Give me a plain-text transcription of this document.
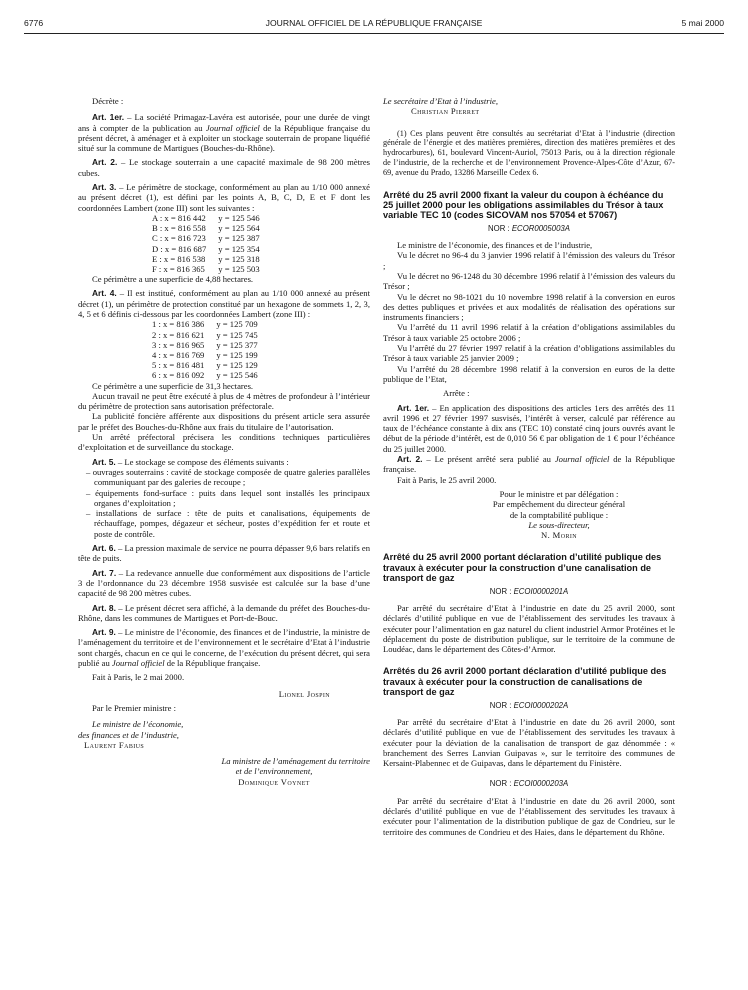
6776	JOURNAL OFFICIEL DE LA RÉPUBLIQUE FRANÇAISE	5 mai 2000

Décrète :

Art. 1er. – La société Primagaz-Lavéra est autorisée, pour une durée de vingt ans à compter de la publication au Journal officiel de la République française du présent décret, à aménager et à exploiter un stockage souterrain de propane liquéfié situé sur la commune de Martigues (Bouches-du-Rhône).

Art. 2. – Le stockage souterrain a une capacité maximale de 98 200 mètres cubes.

Art. 3. – Le périmètre de stockage, conformément au plan au 1/10 000 annexé au présent décret (1), est défini par les points A, B, C, D, E et F dont les coordonnées Lambert (zone III) sont les suivantes :

A : x = 816 442	y = 125 546
B : x = 816 558	y = 125 564
C : x = 816 723	y = 125 387
D : x = 816 687	y = 125 354
E : x = 816 538	y = 125 318
F : x = 816 365	y = 125 503

Ce périmètre a une superficie de 4,88 hectares.

Art. 4. – Il est institué, conformément au plan au 1/10 000 annexé au présent décret (1), un périmètre de protection constitué par un hexagone de sommets 1, 2, 3, 4, 5 et 6 définis ci-dessous par les coordonnées Lambert (zone III) :

1 : x = 816 386	y = 125 709
2 : x = 816 621	y = 125 745
3 : x = 816 965	y = 125 377
4 : x = 816 769	y = 125 199
5 : x = 816 481	y = 125 129
6 : x = 816 092	y = 125 546

Ce périmètre a une superficie de 31,3 hectares.

Aucun travail ne peut être exécuté à plus de 4 mètres de profondeur à l’intérieur du périmètre de protection sans autorisation préfectorale.

La publicité foncière afférente aux dispositions du présent article sera assurée par le préfet des Bouches-du-Rhône aux frais du titulaire de l’autorisation.

Un arrêté préfectoral précisera les conditions techniques particulières d’exploitation et de surveillance du stockage.

Art. 5. – Le stockage se compose des éléments suivants :

– ouvrages souterrains : cavité de stockage composée de quatre galeries parallèles communiquant par des galeries de recoupe ;
– équipements fond-surface : puits dans lequel sont installés les principaux organes d’exploitation ;
– installations de surface : tête de puits et canalisations, équipements de réchauffage, pompes, dégazeur et sécheur, postes d’expédition fer et route et poste de contrôle.

Art. 6. – La pression maximale de service ne pourra dépasser 9,6 bars relatifs en tête de puits.

Art. 7. – La redevance annuelle due conformément aux dispositions de l’article 3 de l’ordonnance du 23 décembre 1958 susvisée est calculée sur la base d’une capacité de 98 200 mètres cubes.

Art. 8. – Le présent décret sera affiché, à la demande du préfet des Bouches-du-Rhône, dans les communes de Martigues et Port-de-Bouc.

Art. 9. – Le ministre de l’économie, des finances et de l’industrie, la ministre de l’aménagement du territoire et de l’environnement et le secrétaire d’Etat à l’industrie sont chargés, chacun en ce qui le concerne, de l’exécution du présent décret, qui sera publié au Journal officiel de la République française.

Fait à Paris, le 2 mai 2000.

Lionel Jospin

Par le Premier ministre :

Le ministre de l’économie,

des finances et de l’industrie,

Laurent Fabius

La ministre de l’aménagement du territoire

et de l’environnement,

Dominique Voynet

Le secrétaire d’Etat à l’industrie,

Christian Pierret

(1) Ces plans peuvent être consultés au secrétariat d’Etat à l’industrie (direction générale de l’énergie et des matières premières, direction des matières premières et des hydrocarbures), 61, boulevard Vincent-Auriol, 75013 Paris, ou à la direction régionale de l’industrie, de la recherche et de l’environnement Provence-Alpes-Côte d’Azur, 67-69, avenue du Prado, 13286 Marseille Cedex 6.

Arrêté du 25 avril 2000 fixant la valeur du coupon à échéance du 25 juillet 2000 pour les obligations assimilables du Trésor à taux variable TEC 10 (codes SICOVAM nos 57054 et 57067)

NOR : ECOR0005003A

Le ministre de l’économie, des finances et de l’industrie,

Vu le décret no 96-4 du 3 janvier 1996 relatif à l’émission des valeurs du Trésor ;

Vu le décret no 96-1248 du 30 décembre 1996 relatif à l’émission des valeurs du Trésor ;

Vu le décret no 98-1021 du 10 novembre 1998 relatif à la conversion en euros des dettes publiques et privées et aux modalités de réalisation des opérations sur instruments financiers ;

Vu l’arrêté du 11 avril 1996 relatif à la création d’obligations assimilables du Trésor à taux variable 25 octobre 2006 ;

Vu l’arrêté du 27 février 1997 relatif à la création d’obligations assimilables du Trésor à taux variable 25 janvier 2009 ;

Vu l’arrêté du 28 décembre 1998 relatif à la conversion en euros de la dette publique de l’Etat,

Arrête :

Art. 1er. – En application des dispositions des articles 1ers des arrêtés des 11 avril 1996 et 27 février 1997 susvisés, l’intérêt à verser, calculé par référence au taux de l’échéance constante à dix ans (TEC 10) constaté cinq jours ouvrés avant le début de la période d’intérêt, est de 0,010 56 € par obligation de 1 € pour l’échéance du 25 juillet 2000.

Art. 2. – Le présent arrêté sera publié au Journal officiel de la République française.

Fait à Paris, le 25 avril 2000.

Pour le ministre et par délégation :

Par empêchement du directeur général

de la comptabilité publique :

Le sous-directeur,

N. Morin

Arrêté du 25 avril 2000 portant déclaration d’utilité publique des travaux à exécuter pour la construction d’une canalisation de transport de gaz

NOR : ECOI0000201A

Par arrêté du secrétaire d’Etat à l’industrie en date du 25 avril 2000, sont déclarés d’utilité publique en vue de l’établissement des servitudes les travaux à exécuter pour l’alimentation en gaz naturel du client industriel Armor Protéines et le déplacement du poste de distribution publique, sur le territoire de la commune de Loudéac, dans le département des Côtes-d’Armor.

Arrêtés du 26 avril 2000 portant déclaration d’utilité publique des travaux à exécuter pour la construction de canalisations de transport de gaz

NOR : ECOI0000202A

Par arrêté du secrétaire d’Etat à l’industrie en date du 26 avril 2000, sont déclarés d’utilité publique en vue de l’établissement des servitudes les travaux à exécuter pour la déviation de la canalisation de transport de gaz dénommée : « branchement des Serres Lanvian Guipavas », sur le territoire des communes de Kersaint-Plabennec et de Guipavas, dans le département du Finistère.

NOR : ECOI0000203A

Par arrêté du secrétaire d’Etat à l’industrie en date du 26 avril 2000, sont déclarés d’utilité publique en vue de l’établissement des servitudes les travaux à exécuter pour l’alimentation de la distribution publique de gaz de Condrieu, sur le territoire des communes de Condrieu et des Haies, dans le département du Rhône.
